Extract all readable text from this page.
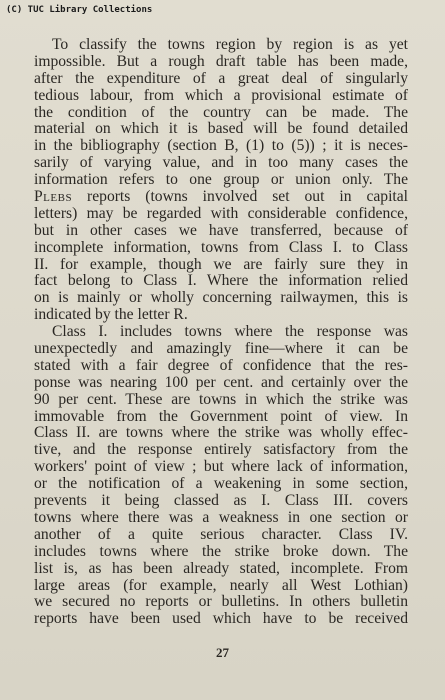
(C) TUC Library Collections
To classify the towns region by region is as yet
impossible. But a rough draft table has been made,
after the expenditure of a great deal of singularly
tedious labour, from which a provisional estimate of
the condition of the country can be made. The
material on which it is based will be found detailed
in the bibliography (section B, (1) to (5)) ; it is neces-
sarily of varying value, and in too many cases the
information refers to one group or union only. The
Plebs reports (towns involved set out in capital
letters) may be regarded with considerable confidence,
but in other cases we have transferred, because of
incomplete information, towns from Class I. to Class
II. for example, though we are fairly sure they in
fact belong to Class I. Where the information relied
on is mainly or wholly concerning railwaymen, this is
indicated by the letter R.
Class I. includes towns where the response was
unexpectedly and amazingly fine—where it can be
stated with a fair degree of confidence that the res-
ponse was nearing 100 per cent. and certainly over the
90 per cent. These are towns in which the strike was
immovable from the Government point of view. In
Class II. are towns where the strike was wholly effec-
tive, and the response entirely satisfactory from the
workers' point of view ; but where lack of information,
or the notification of a weakening in some section,
prevents it being classed as I. Class III. covers
towns where there was a weakness in one section or
another of a quite serious character. Class IV.
includes towns where the strike broke down. The
list is, as has been already stated, incomplete. From
large areas (for example, nearly all West Lothian)
we secured no reports or bulletins. In others bulletin
reports have been used which have to be received
27
